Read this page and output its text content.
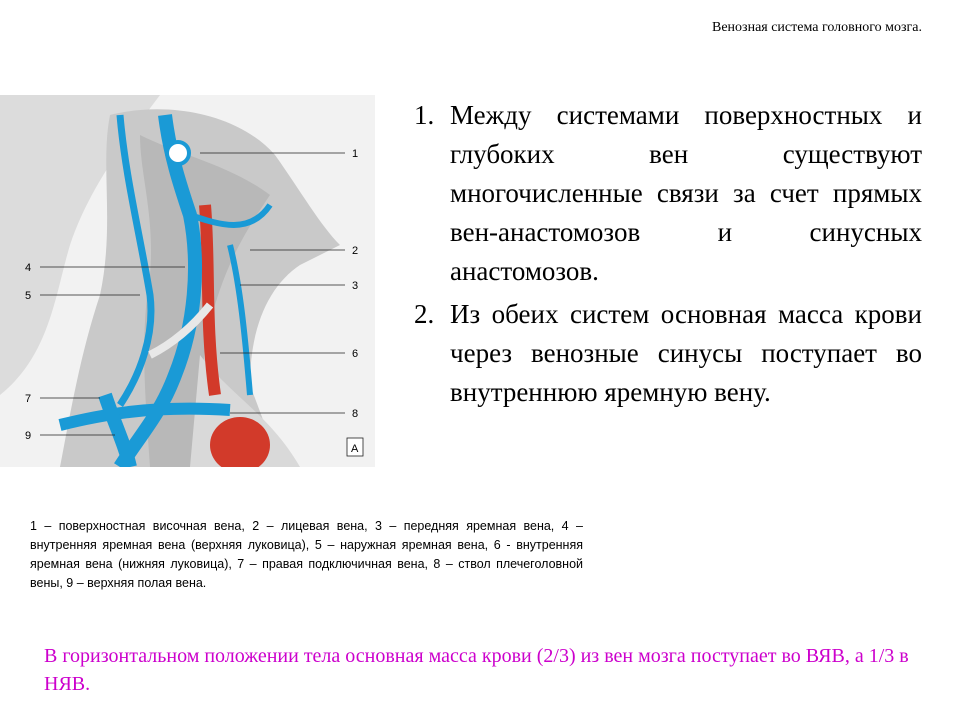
Венозная система головного мозга.
1
2
3
4
5
6
7
8
9
A
1. Между системами поверхностных и глубоких вен существуют многочисленные связи за счет прямых вен-анастомозов и синусных анастомозов.
2. Из обеих систем основная масса крови через венозные синусы поступает во внутреннюю яремную вену.

1 – поверхностная височная вена, 2 – лицевая вена, 3 – передняя яремная вена, 4 – внутренняя яремная вена (верхняя луковица), 5 – наружная яремная вена, 6 - внутренняя яремная вена (нижняя луковица), 7 – правая подключичная вена, 8 – ствол плечеголовной вены, 9 – верхняя полая вена.

В горизонтальном положении тела основная масса крови (2/3) из вен мозга поступает во ВЯВ, а 1/3 в НЯВ.
